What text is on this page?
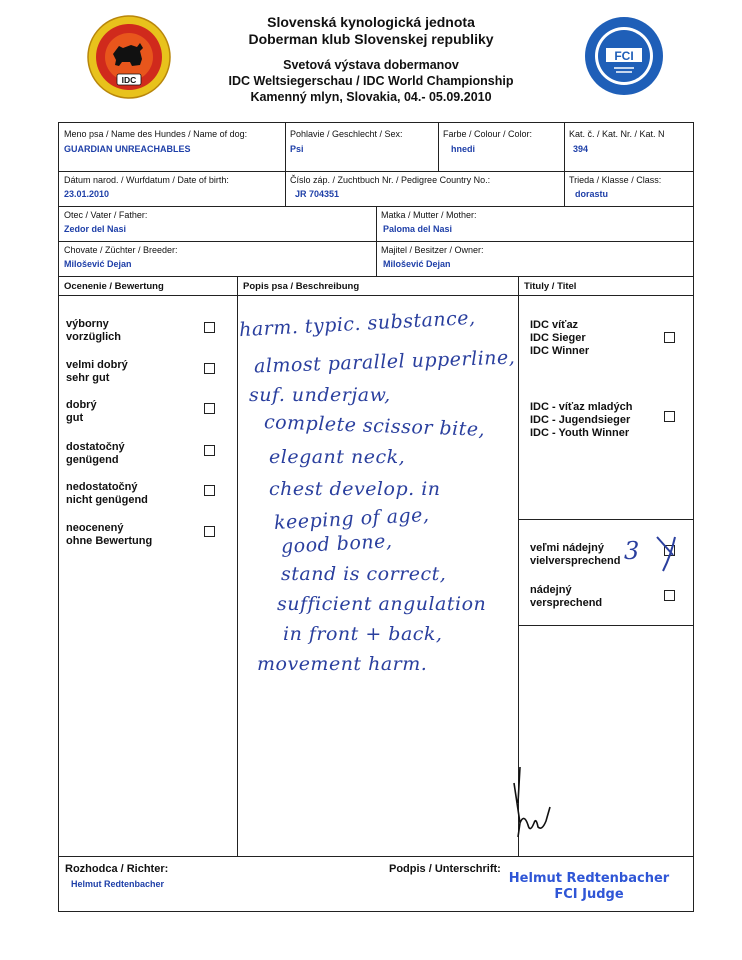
IDC
FCI
Slovenská kynologická jednota
Doberman klub Slovenskej republiky
Svetová výstava dobermanov
IDC Weltsiegerschau / IDC World Championship
Kamenný mlyn, Slovakia, 04.- 05.09.2010
Meno psa / Name des Hundes / Name of dog:
GUARDIAN UNREACHABLES
Pohlavie / Geschlecht / Sex:
Psi
Farbe / Colour / Color:
hnedi
Kat. č. / Kat. Nr. / Kat. N
394
Dátum narod. / Wurfdatum / Date of birth:
23.01.2010
Číslo záp. / Zuchtbuch Nr. / Pedigree Country No.:
JR 704351
Trieda / Klasse / Class:
dorastu
Otec / Vater / Father:
Zedor del Nasi
Matka / Mutter / Mother:
Paloma del Nasi
Chovate / Züchter / Breeder:
Milošević Dejan
Majitel / Besitzer / Owner:
Milošević Dejan
Ocenenie / Bewertung	Popis psa / Beschreibung	Tituly / Titel
výborny
vorzüglich
velmi dobrý
sehr gut
dobrý
gut
dostatočný
genügend
nedostatočný
nicht genügend
neocenený
ohne Bewertung
harm. typic. substance,
almost parallel upperline,
suf. underjaw,
complete scissor bite,
elegant neck,
chest develop. in
keeping of age,
good bone,
stand is correct,
sufficient angulation
in front + back,
movement harm.
IDC víťaz
IDC Sieger
IDC Winner
IDC - víťaz mladých
IDC - Jugendsieger
IDC - Youth Winner
veľmi nádejný
vielversprechend 3
nádejný
versprechend
Rozhodca / Richter:
Helmut Redtenbacher
Podpis / Unterschrift:
Helmut Redtenbacher
FCI Judge
